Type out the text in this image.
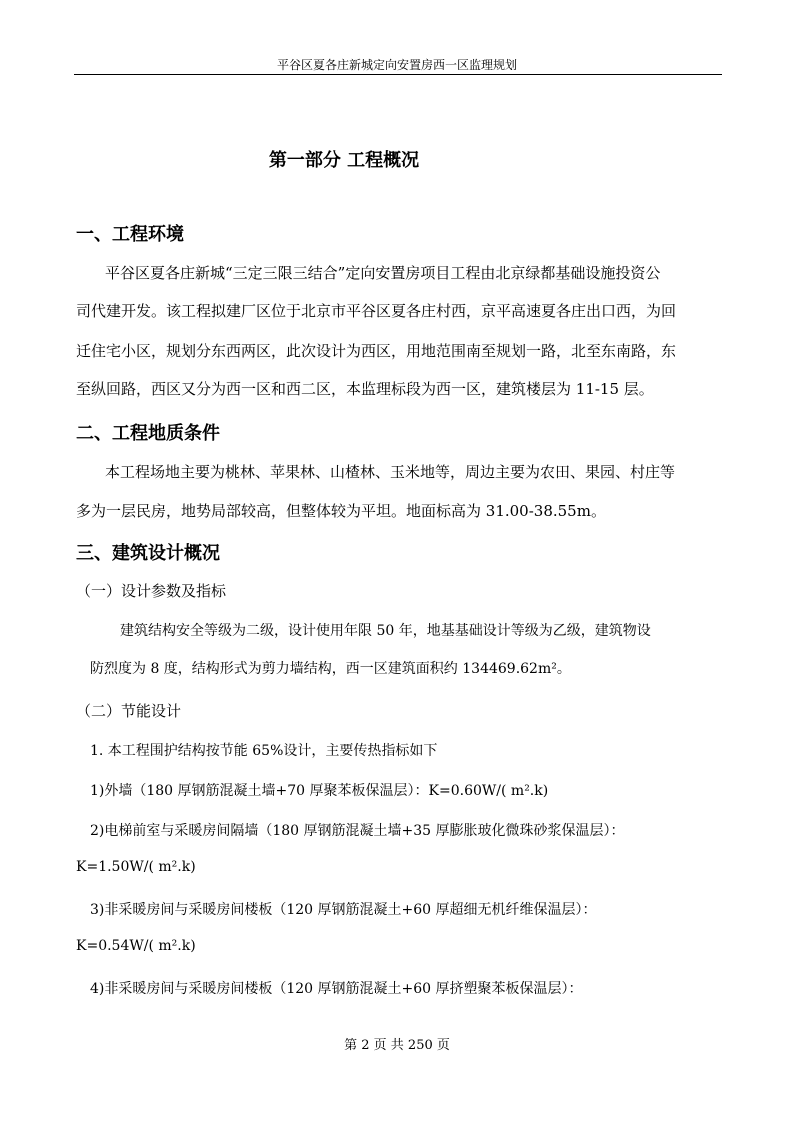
平谷区夏各庄新城定向安置房西一区监理规划
第一部分 工程概况
一、工程环境
平谷区夏各庄新城“三定三限三结合”定向安置房项目工程由北京绿都基础设施投资公
司代建开发。该工程拟建厂区位于北京市平谷区夏各庄村西，京平高速夏各庄出口西，为回
迁住宅小区，规划分东西两区，此次设计为西区，用地范围南至规划一路，北至东南路，东
至纵回路，西区又分为西一区和西二区，本监理标段为西一区，建筑楼层为 11-15 层。
二、工程地质条件
本工程场地主要为桃林、苹果林、山楂林、玉米地等，周边主要为农田、果园、村庄等
多为一层民房，地势局部较高，但整体较为平坦。地面标高为 31.00-38.55m。
三、建筑设计概况
（一）设计参数及指标
建筑结构安全等级为二级，设计使用年限 50 年，地基基础设计等级为乙级，建筑物设
防烈度为 8 度，结构形式为剪力墙结构，西一区建筑面积约 134469.62m²。
（二）节能设计
1. 本工程围护结构按节能 65%设计，主要传热指标如下
1)外墙（180 厚钢筋混凝土墙+70 厚聚苯板保温层）：K=0.60W/( m².k)
2)电梯前室与采暖房间隔墙（180 厚钢筋混凝土墙+35 厚膨胀玻化微珠砂浆保温层）：
K=1.50W/( m².k)
3)非采暖房间与采暖房间楼板（120 厚钢筋混凝土+60 厚超细无机纤维保温层）：
K=0.54W/( m².k)
4)非采暖房间与采暖房间楼板（120 厚钢筋混凝土+60 厚挤塑聚苯板保温层）：
第 2 页 共 250 页
